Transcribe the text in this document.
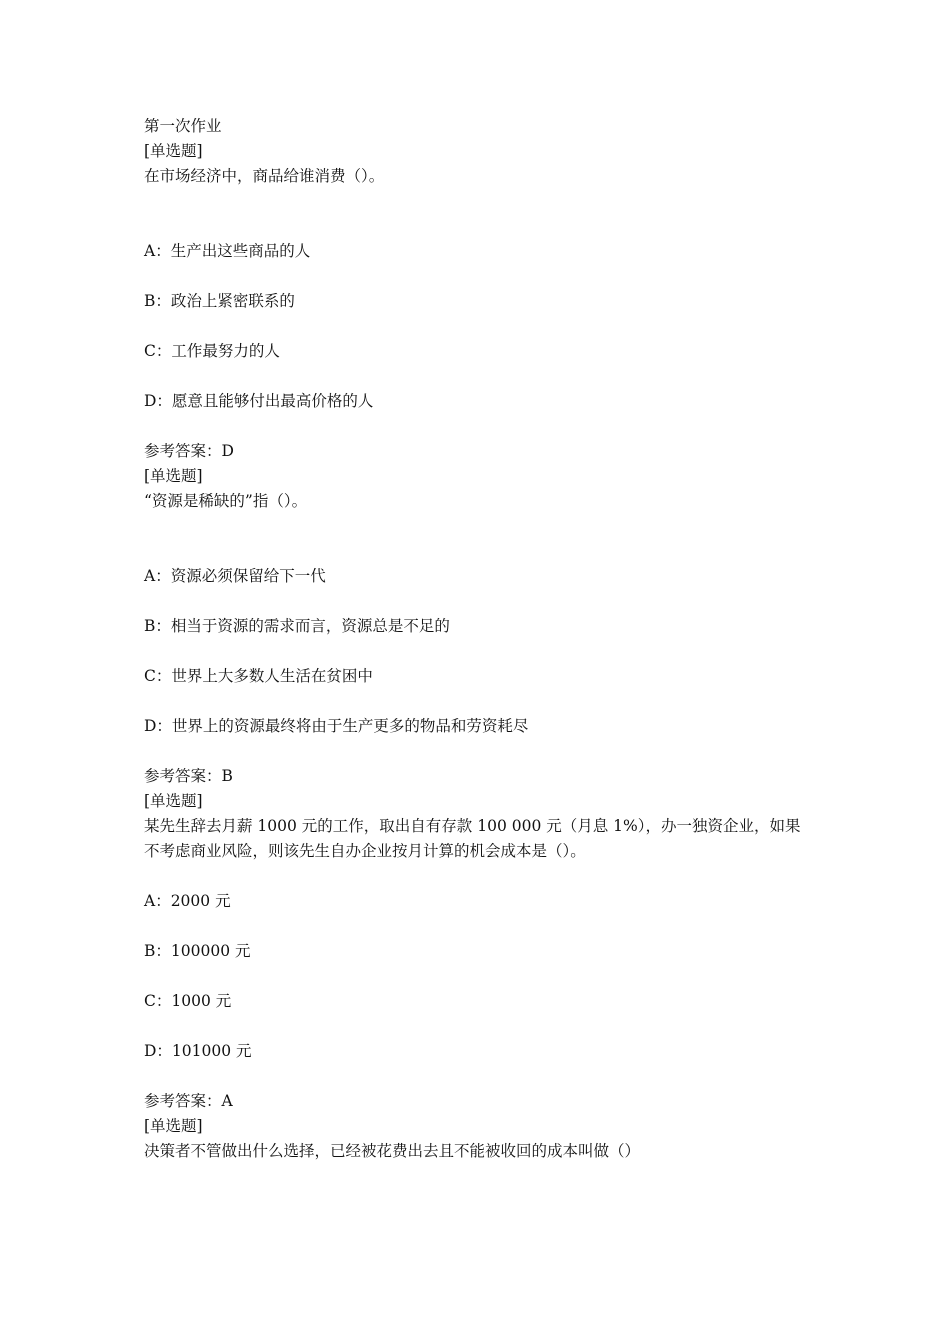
第一次作业
[单选题]
在市场经济中，商品给谁消费（）。
A：生产出这些商品的人
B：政治上紧密联系的
C：工作最努力的人
D：愿意且能够付出最高价格的人
参考答案：D
[单选题]
“资源是稀缺的”指（）。
A：资源必须保留给下一代
B：相当于资源的需求而言，资源总是不足的
C：世界上大多数人生活在贫困中
D：世界上的资源最终将由于生产更多的物品和劳资耗尽
参考答案：B
[单选题]
某先生辞去月薪 1000 元的工作，取出自有存款 100 000 元（月息 1%），办一独资企业，如果不考虑商业风险，则该先生自办企业按月计算的机会成本是（）。
A：2000 元
B：100000 元
C：1000 元
D：101000 元
参考答案：A
[单选题]
决策者不管做出什么选择，已经被花费出去且不能被收回的成本叫做（）
